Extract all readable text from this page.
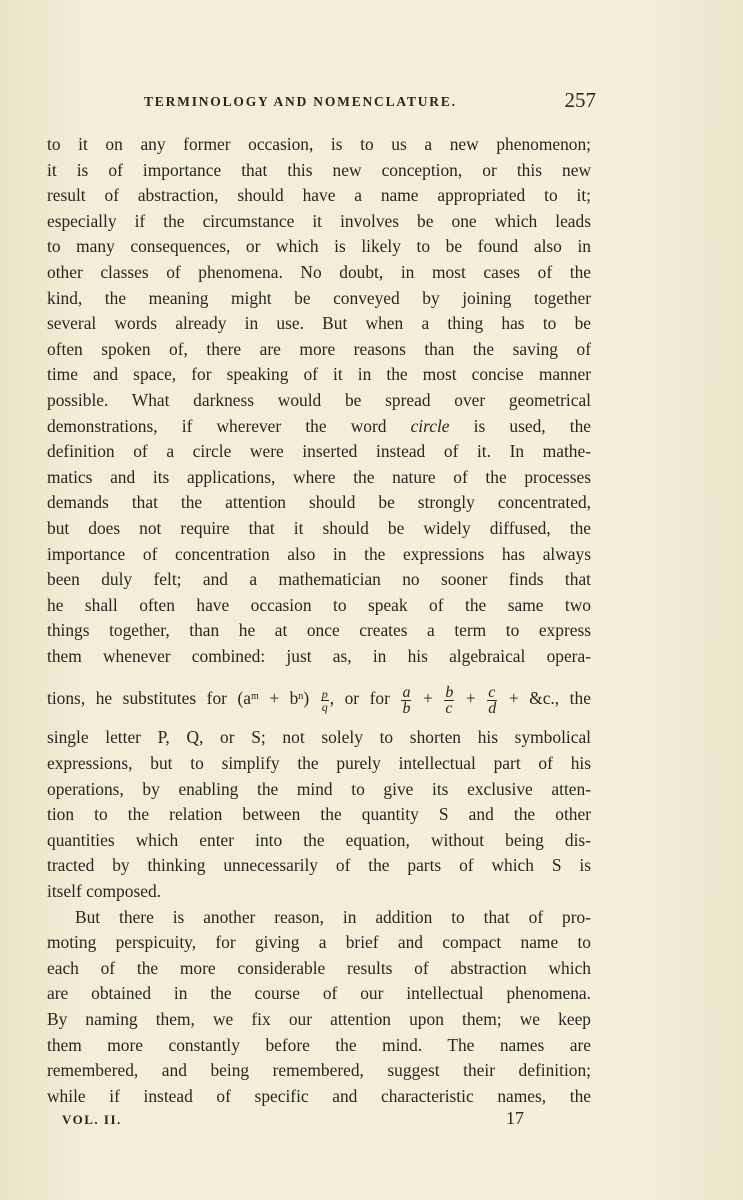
TERMINOLOGY AND NOMENCLATURE.	257
to it on any former occasion, is to us a new phenomenon;
it is of importance that this new conception, or this new
result of abstraction, should have a name appropriated to it;
especially if the circumstance it involves be one which leads
to many consequences, or which is likely to be found also in
other classes of phenomena. No doubt, in most cases of the
kind, the meaning might be conveyed by joining together
several words already in use. But when a thing has to be
often spoken of, there are more reasons than the saving of
time and space, for speaking of it in the most concise manner
possible. What darkness would be spread over geometrical
demonstrations, if wherever the word circle is used, the
definition of a circle were inserted instead of it. In mathe-
matics and its applications, where the nature of the processes
demands that the attention should be strongly concentrated,
but does not require that it should be widely diffused, the
importance of concentration also in the expressions has always
been duly felt; and a mathematician no sooner finds that
he shall often have occasion to speak of the same two
things together, than he at once creates a term to express
them whenever combined: just as, in his algebraical opera-
tions, he substitutes for $(a^m + b^n) \frac{p}{q}$ , or for $\frac{a}{b} + \frac{b}{c} + \frac{c}{d}$ + &c., the
single letter P, Q, or S; not solely to shorten his symbolical
expressions, but to simplify the purely intellectual part of his
operations, by enabling the mind to give its exclusive atten-
tion to the relation between the quantity S and the other
quantities which enter into the equation, without being dis-
tracted by thinking unnecessarily of the parts of which S is
itself composed.
But there is another reason, in addition to that of pro-
moting perspicuity, for giving a brief and compact name to
each of the more considerable results of abstraction which
are obtained in the course of our intellectual phenomena.
By naming them, we fix our attention upon them; we keep
them more constantly before the mind. The names are
remembered, and being remembered, suggest their definition;
while if instead of specific and characteristic names, the
VOL. II.	17
